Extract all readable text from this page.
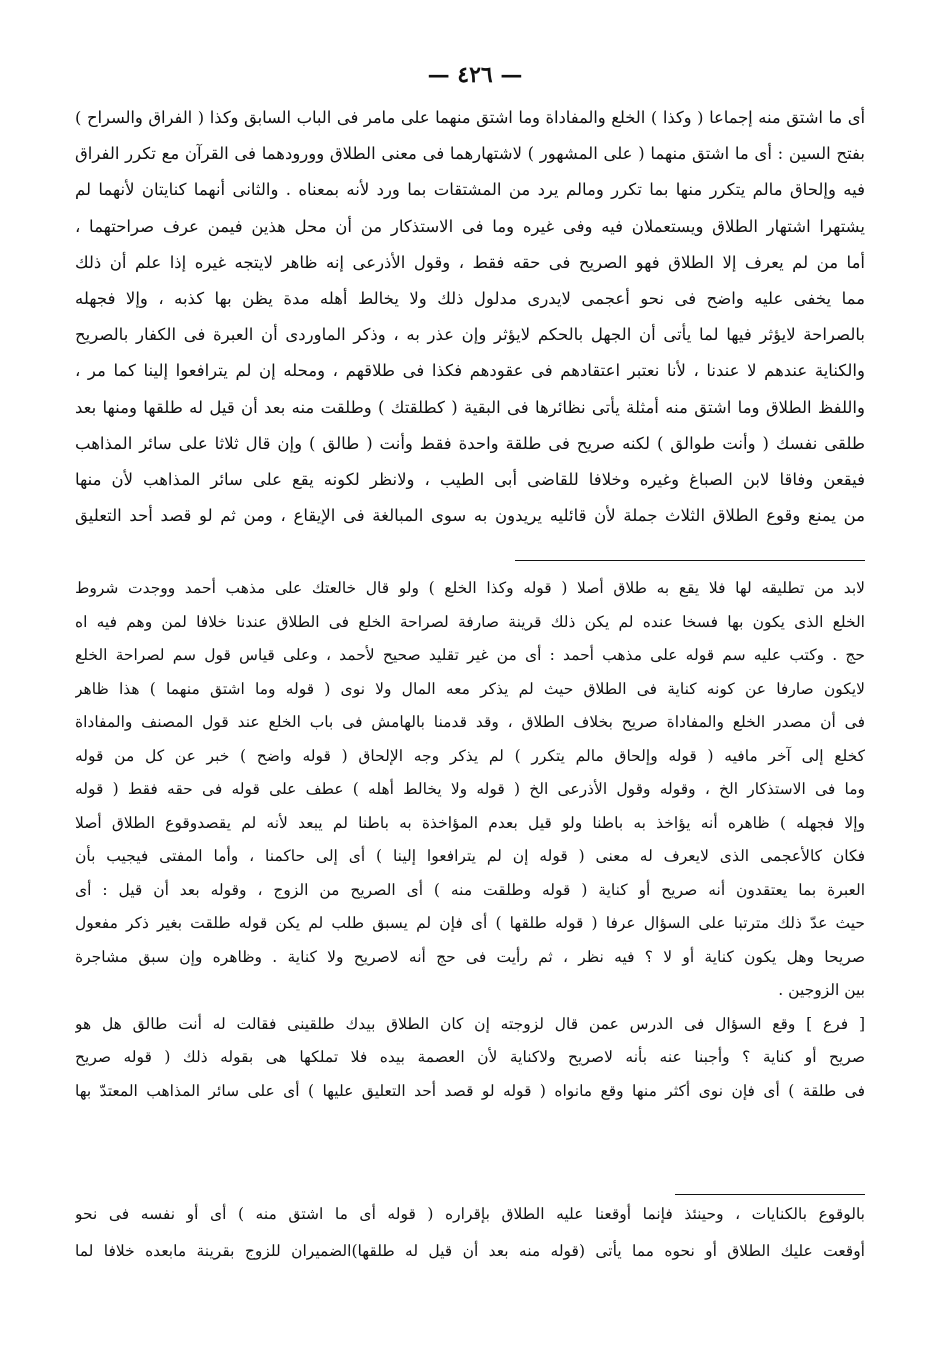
— ٤٢٦ —
أى ما اشتق منه إجماعا ( وكذا ) الخلع والمفاداة وما اشتق منهما على مامر فى الباب السابق وكذا ( الفراق والسراح )
بفتح السين : أى ما اشتق منهما ( على المشهور ) لاشتهارهما فى معنى الطلاق وورودهما فى القرآن مع تكرر الفراق
فيه وإلحاق مالم يتكرر منها بما تكرر ومالم يرد من المشتقات بما ورد لأنه بمعناه . والثانى أنهما كنايتان لأنهما لم
يشتهرا اشتهار الطلاق ويستعملان فيه وفى غيره وما فى الاستذكار من أن محل هذين فيمن عرف صراحتهما ،
أما من لم يعرف إلا الطلاق فهو الصريح فى حقه فقط ، وقول الأذرعى إنه ظاهر لايتجه غيره إذا علم أن ذلك
مما يخفى عليه واضح فى نحو أعجمى لايدرى مدلول ذلك ولا يخالط أهله مدة يظن بها كذبه ، وإلا فجهله
بالصراحة لايؤثر فيها لما يأتى أن الجهل بالحكم لايؤثر وإن عذر به ، وذكر الماوردى أن العبرة فى الكفار بالصريح
والكناية عندهم لا عندنا ، لأنا نعتبر اعتقادهم فى عقودهم فكذا فى طلاقهم ، ومحله إن لم يترافعوا إلينا كما مر ،
واللفظ الطلاق وما اشتق منه أمثلة يأتى نظائرها فى البقية ( كطلقتك ) وطلقت منه بعد أن قيل له طلقها ومنها بعد
طلقى نفسك ( وأنت طوالق ) لكنه صريح فى طلقة واحدة فقط وأنت ( طالق ) وإن قال ثلاثا على سائر المذاهب
فيقعن وفاقا لابن الصباغ وغيره وخلافا للقاضى أبى الطيب ، ولانظر لكونه يقع على سائر المذاهب لأن منها
من يمنع وقوع الطلاق الثلاث جملة لأن قائليه يريدون به سوى المبالغة فى الإيقاع ، ومن ثم لو قصد أحد التعليق
لابد من تطليقه لها فلا يقع به طلاق أصلا ( قوله وكذا الخلع ) ولو قال خالعتك على مذهب أحمد ووجدت شروط
الخلع الذى يكون بها فسخا عنده لم يكن ذلك قرينة صارفة لصراحة الخلع فى الطلاق عندنا خلافا لمن وهم فيه اه
حج . وكتب عليه سم قوله على مذهب أحمد : أى من غير تقليد صحيح لأحمد ، وعلى قياس قول سم لصراحة الخلع
لايكون صارفا عن كونه كناية فى الطلاق حيث لم يذكر معه المال ولا نوى ( قوله وما اشتق منهما ) هذا ظاهر
فى أن مصدر الخلع والمفاداة صريح بخلاف الطلاق ، وقد قدمنا بالهامش فى باب الخلع عند قول المصنف والمفاداة
كخلع إلى آخر مافيه ( قوله وإلحاق مالم يتكرر ) لم يذكر وجه الإلحاق ( قوله واضح ) خبر عن كل من قوله
وما فى الاستذكار الخ ، وقوله وقول الأذرعى الخ ( قوله ولا يخالط أهله ) عطف على قوله فى حقه فقط ( قوله
وإلا فجهله ) ظاهره أنه يؤاخذ به باطنا ولو قيل بعدم المؤاخذة به باطنا لم يبعد لأنه لم يقصدوقوع الطلاق أصلا
فكان كالأعجمى الذى لايعرف له معنى ( قوله إن لم يترافعوا إلينا ) أى إلى حاكمنا ، وأما المفتى فيجيب بأن
العبرة بما يعتقدون أنه صريح أو كناية ( قوله وطلقت منه ) أى الصريح من الزوج ، وقوله بعد أن قيل : أى
حيث عدّ ذلك مترتبا على السؤال عرفا ( قوله طلقها ) أى فإن لم يسبق طلب لم يكن قوله طلقت بغير ذكر مفعول
صريحا وهل يكون كناية أو لا ؟ فيه نظر ، ثم رأيت فى حج أنه لاصريح ولا كناية . وظاهره وإن سبق مشاجرة
بين الزوجين .
[ فرع ] وقع السؤال فى الدرس عمن قال لزوجته إن كان الطلاق بيدك طلقينى فقالت له أنت طالق هل هو
صريح أو كناية ؟ وأجبنا عنه بأنه لاصريح ولاكناية لأن العصمة بيده فلا تملكها هى بقوله ذلك ( قوله صريح
فى طلقة ) أى فإن نوى أكثر منها وقع مانواه ( قوله لو قصد أحد التعليق عليها ) أى على سائر المذاهب المعتدّ بها
بالوقوع بالكنايات ، وحينئذ فإنما أوقعنا عليه الطلاق بإقراره ( قوله أى ما اشتق منه ) أى أو نفسه فى نحو
أوقعت عليك الطلاق أو نحوه مما يأتى (قوله منه بعد أن قيل له طلقها)الضميران للزوج بقرينة مابعده خلافا لما
